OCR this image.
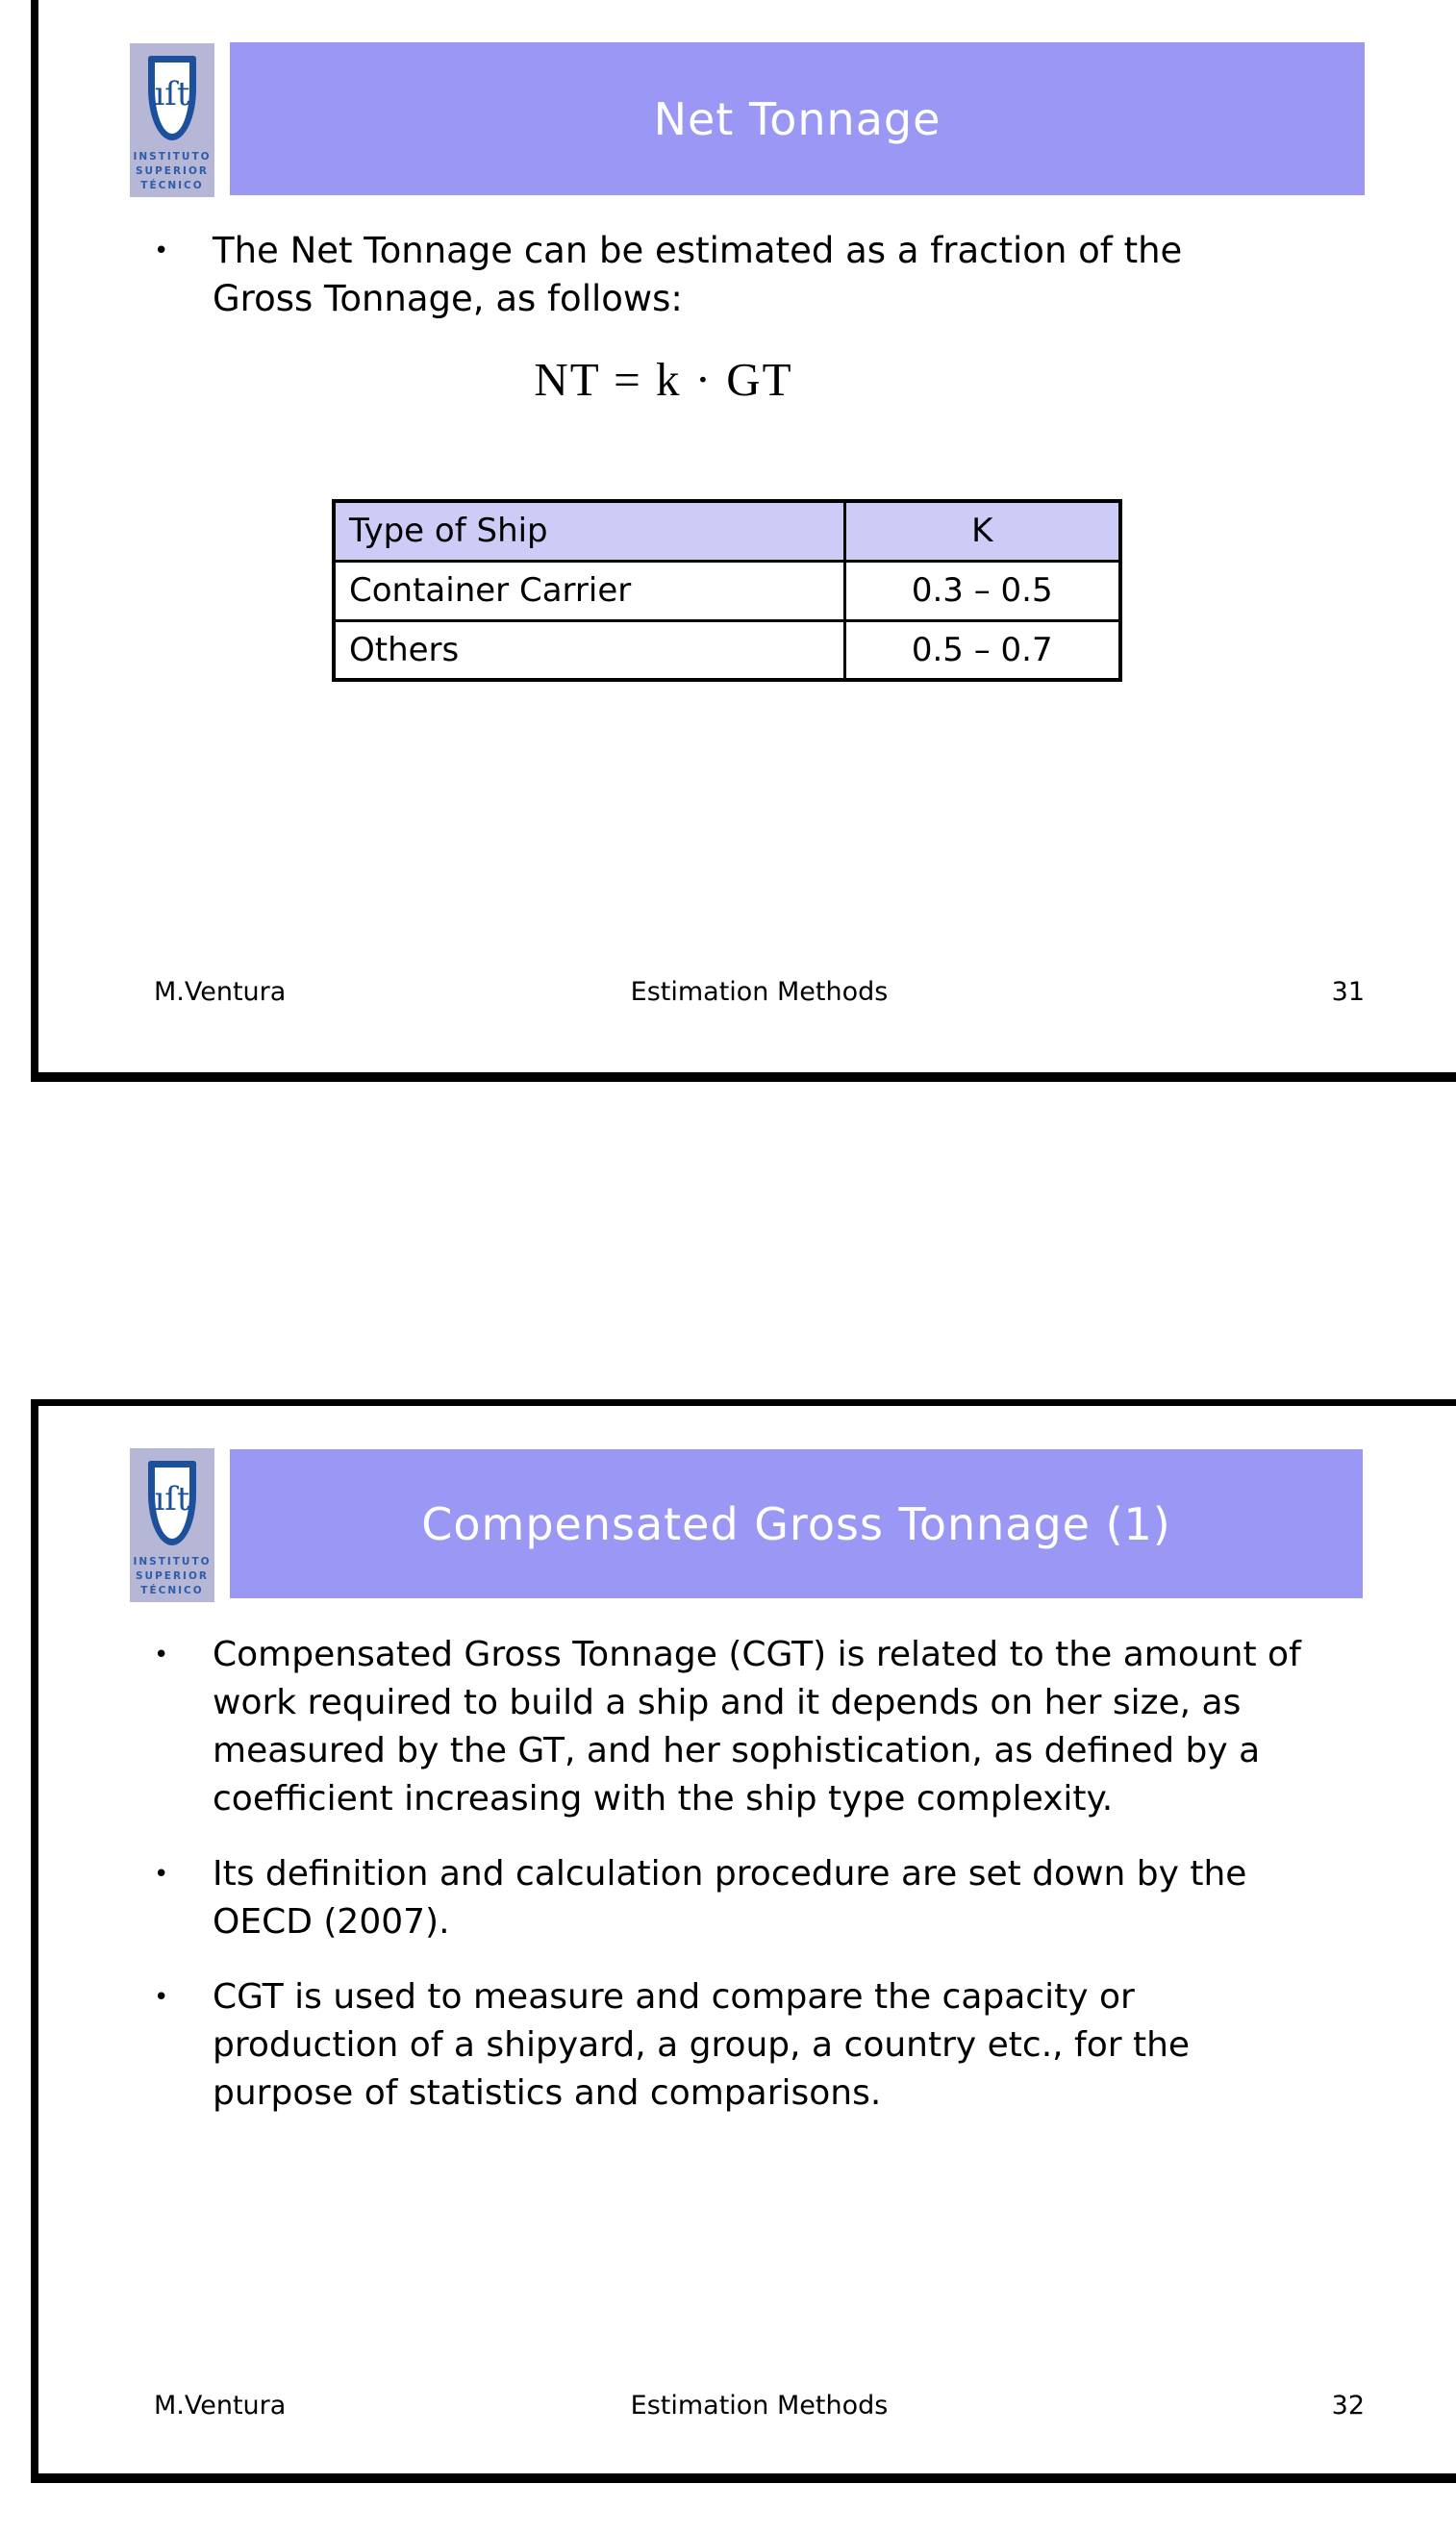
ıſt
INSTITUTO
SUPERIOR
TÉCNICO
Net Tonnage
•	The Net Tonnage can be estimated as a fraction of the Gross Tonnage, as follows:
NT = k · GT
Type of Ship	K
Container Carrier	0.3 – 0.5
Others	0.5 – 0.7
M.Ventura	Estimation Methods	31
ıſt
INSTITUTO
SUPERIOR
TÉCNICO
Compensated Gross Tonnage (1)
•	Compensated Gross Tonnage (CGT) is related to the amount of work required to build a ship and it depends on her size, as measured by the GT, and her sophistication, as defined by a coefficient increasing with the ship type complexity.
•	Its definition and calculation procedure are set down by the OECD (2007).
•	CGT is used to measure and compare the capacity or production of a shipyard, a group, a country etc., for the purpose of statistics and comparisons.
M.Ventura	Estimation Methods	32
